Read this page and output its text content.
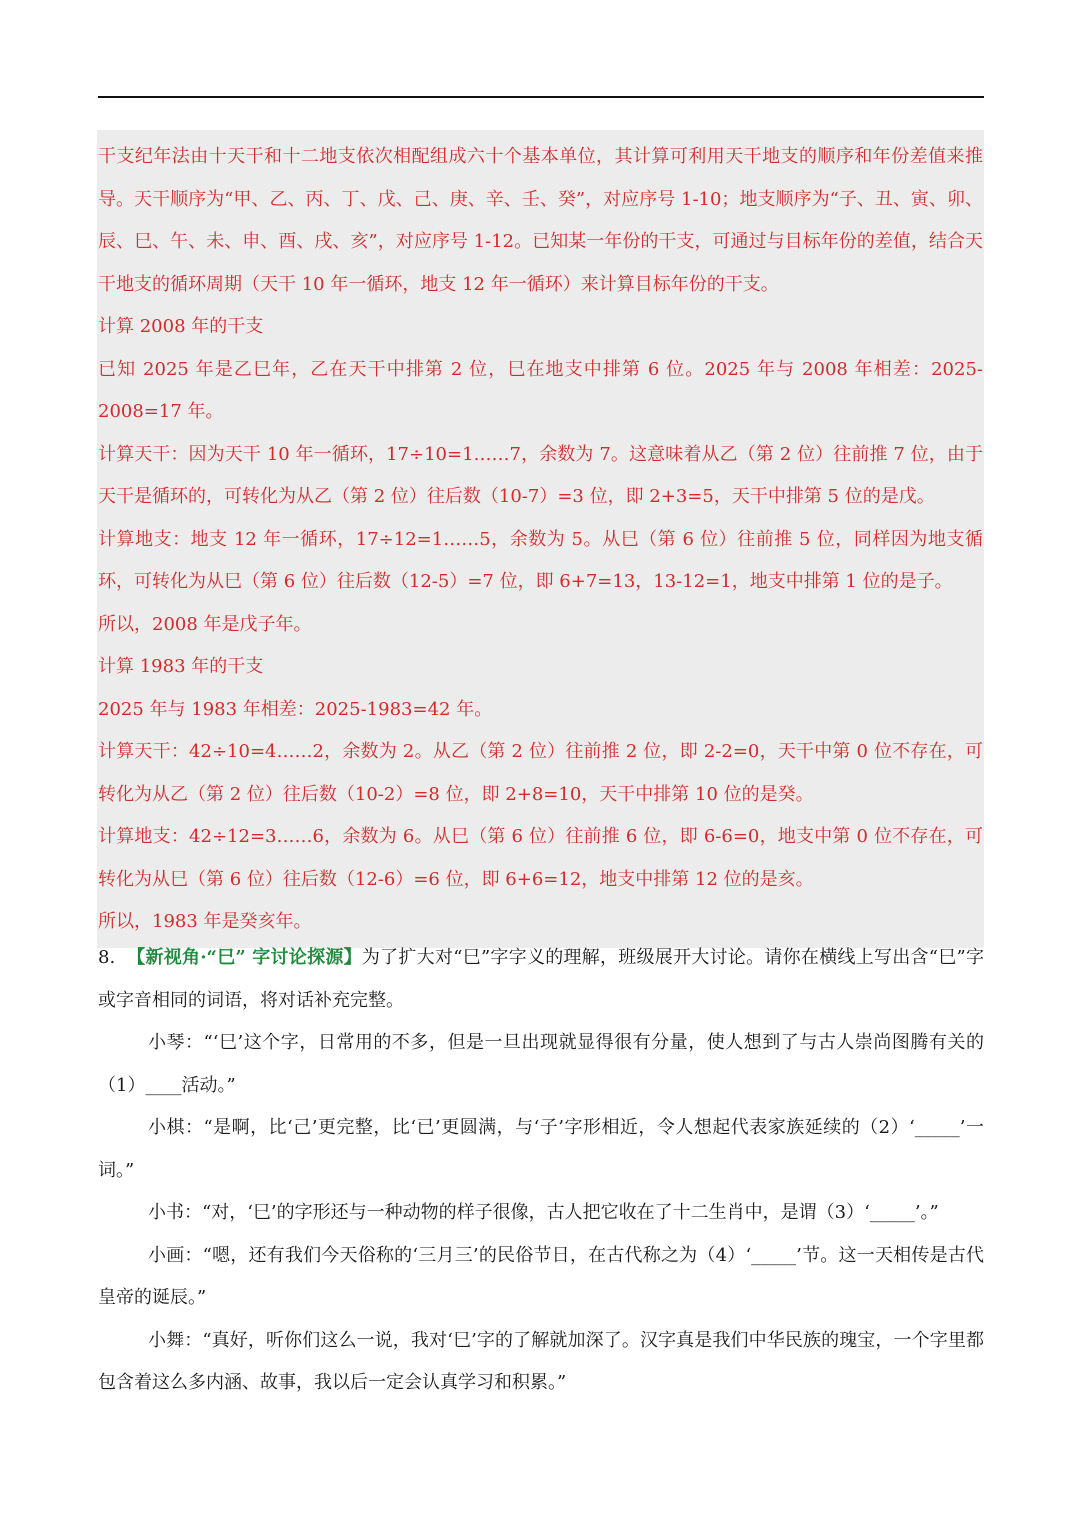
干支纪年法由十天干和十二地支依次相配组成六十个基本单位，其计算可利用天干地支的顺序和年份差值来推导。天干顺序为“甲、乙、丙、丁、戊、己、庚、辛、壬、癸”，对应序号 1-10；地支顺序为“子、丑、寅、卯、辰、巳、午、未、申、酉、戌、亥”，对应序号 1-12。已知某一年份的干支，可通过与目标年份的差值，结合天干地支的循环周期（天干 10 年一循环，地支 12 年一循环）来计算目标年份的干支。

计算 2008 年的干支

已知 2025 年是乙巳年，乙在天干中排第 2 位，巳在地支中排第 6 位。2025 年与 2008 年相差：2025-2008=17 年。

计算天干：因为天干 10 年一循环，17÷10=1……7，余数为 7。这意味着从乙（第 2 位）往前推 7 位，由于天干是循环的，可转化为从乙（第 2 位）往后数（10-7）=3 位，即 2+3=5，天干中排第 5 位的是戊。

计算地支：地支 12 年一循环，17÷12=1……5，余数为 5。从巳（第 6 位）往前推 5 位，同样因为地支循环，可转化为从巳（第 6 位）往后数（12-5）=7 位，即 6+7=13，13-12=1，地支中排第 1 位的是子。

所以，2008 年是戊子年。

计算 1983 年的干支

2025 年与 1983 年相差：2025-1983=42 年。

计算天干：42÷10=4……2，余数为 2。从乙（第 2 位）往前推 2 位，即 2-2=0，天干中第 0 位不存在，可转化为从乙（第 2 位）往后数（10-2）=8 位，即 2+8=10，天干中排第 10 位的是癸。

计算地支：42÷12=3……6，余数为 6。从巳（第 6 位）往前推 6 位，即 6-6=0，地支中第 0 位不存在，可转化为从巳（第 6 位）往后数（12-6）=6 位，即 6+6=12，地支中排第 12 位的是亥。

所以，1983 年是癸亥年。

8. 【新视角·“巳” 字讨论探源】为了扩大对“巳”字字义的理解，班级展开大讨论。请你在横线上写出含“巳”字或字音相同的词语，将对话补充完整。

小琴：“‘巳’这个字，日常用的不多，但是一旦出现就显得很有分量，使人想到了与古人崇尚图腾有关的（1）____活动。”

小棋：“是啊，比‘己’更完整，比‘已’更圆满，与‘子’字形相近，令人想起代表家族延续的（2）‘_____’一词。”

小书：“对，‘巳’的字形还与一种动物的样子很像，古人把它收在了十二生肖中，是谓（3）‘_____’。”

小画：“嗯，还有我们今天俗称的‘三月三’的民俗节日，在古代称之为（4）‘_____’节。这一天相传是古代皇帝的诞辰。”

小舞：“真好，听你们这么一说，我对‘巳’字的了解就加深了。汉字真是我们中华民族的瑰宝，一个字里都包含着这么多内涵、故事，我以后一定会认真学习和积累。”
